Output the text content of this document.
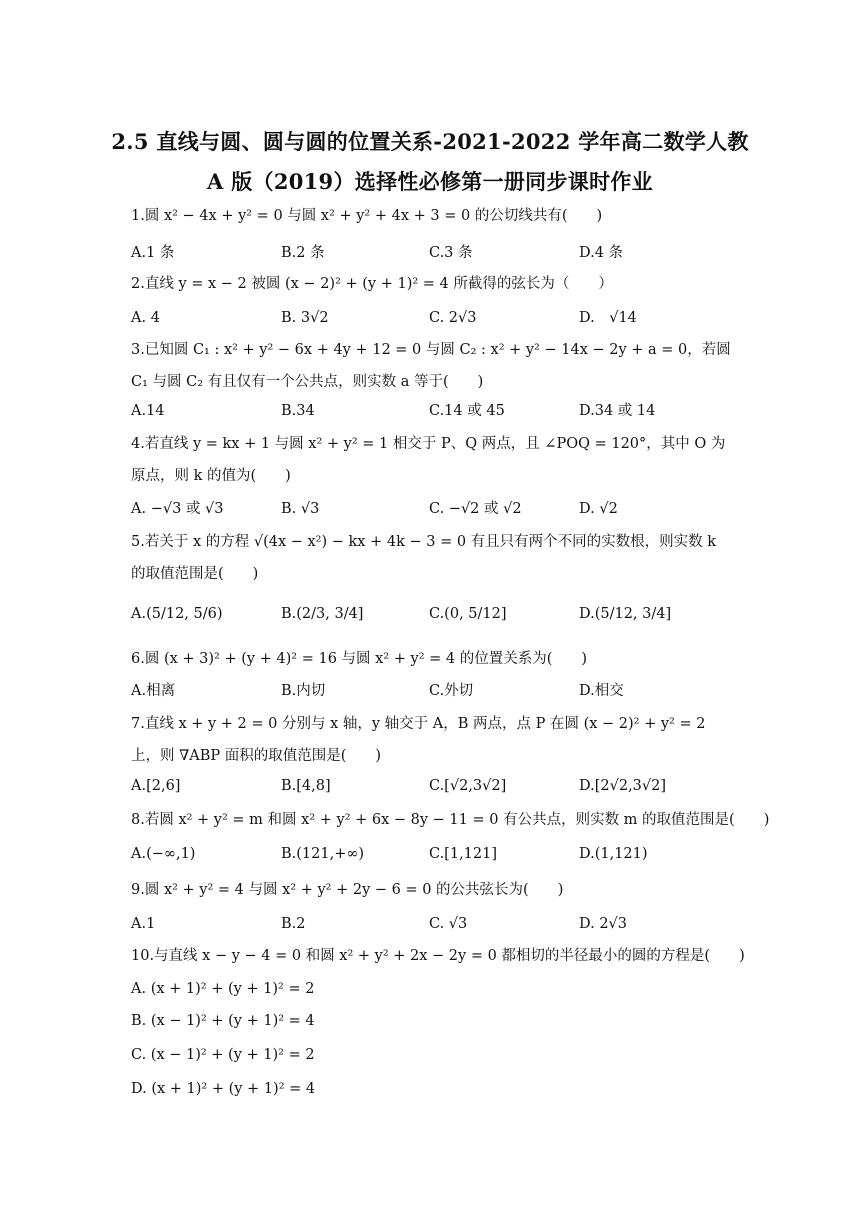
2.5 直线与圆、圆与圆的位置关系-2021-2022 学年高二数学人教
A 版（2019）选择性必修第一册同步课时作业
1.圆 x² − 4x + y² = 0 与圆 x² + y² + 4x + 3 = 0 的公切线共有(　　)
A.1 条	B.2 条	C.3 条	D.4 条
2.直线 y = x − 2 被圆 (x − 2)² + (y + 1)² = 4 所截得的弦长为（　　）
A. 4	B. 3√2	C. 2√3	D.　√14
3.已知圆 C₁ : x² + y² − 6x + 4y + 12 = 0 与圆 C₂ : x² + y² − 14x − 2y + a = 0，若圆 C₁ 与圆 C₂ 有且仅有一个公共点，则实数 a 等于(　　)
A.14	B.34	C.14 或 45	D.34 或 14
4.若直线 y = kx + 1 与圆 x² + y² = 1 相交于 P、Q 两点，且 ∠POQ = 120°，其中 O 为原点，则 k 的值为(　　)
A. −√3 或 √3	B. √3	C. −√2 或 √2	D. √2
5.若关于 x 的方程 √(4x − x²) − kx + 4k − 3 = 0 有且只有两个不同的实数根，则实数 k 的取值范围是(　　)
A.(5/12, 5/6)	B.(2/3, 3/4]	C.(0, 5/12]	D.(5/12, 3/4]
6.圆 (x + 3)² + (y + 4)² = 16 与圆 x² + y² = 4 的位置关系为(　　)
A.相离	B.内切	C.外切	D.相交
7.直线 x + y + 2 = 0 分别与 x 轴，y 轴交于 A，B 两点，点 P 在圆 (x − 2)² + y² = 2 上，则 ∇ABP 面积的取值范围是(　　)
A.[2,6]	B.[4,8]	C.[√2,3√2]	D.[2√2,3√2]
8.若圆 x² + y² = m 和圆 x² + y² + 6x − 8y − 11 = 0 有公共点，则实数 m 的取值范围是(　　)
A.(−∞,1)	B.(121,+∞)	C.[1,121]	D.(1,121)
9.圆 x² + y² = 4 与圆 x² + y² + 2y − 6 = 0 的公共弦长为(　　)
A.1	B.2	C. √3	D. 2√3
10.与直线 x − y − 4 = 0 和圆 x² + y² + 2x − 2y = 0 都相切的半径最小的圆的方程是(　　)
A. (x + 1)² + (y + 1)² = 2
B. (x − 1)² + (y + 1)² = 4
C. (x − 1)² + (y + 1)² = 2
D. (x + 1)² + (y + 1)² = 4
